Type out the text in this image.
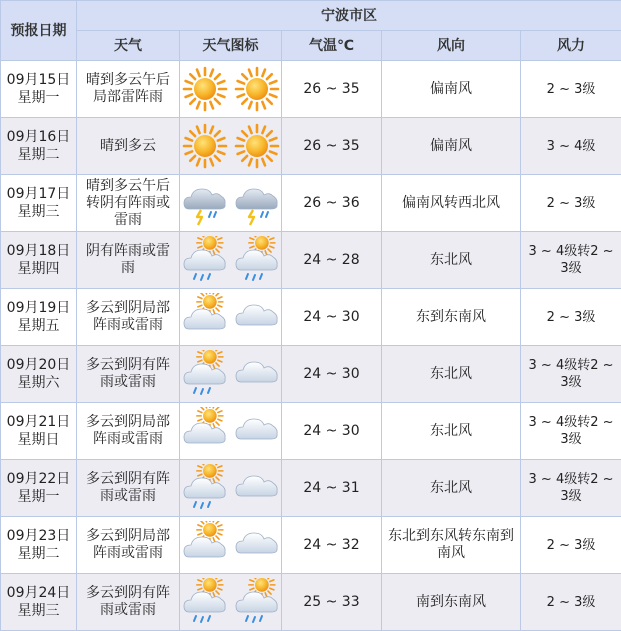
预报日期	宁波市区				
	天气	天气图标	气温℃	风向	风力
09月15日
星期一	晴到多云午后局部雷阵雨		26 ~ 35	偏南风	2 ~ 3级
09月16日
星期二	晴到多云		26 ~ 35	偏南风	3 ~ 4级
09月17日
星期三	晴到多云午后转阴有阵雨或雷雨		26 ~ 36	偏南风转西北风	2 ~ 3级
09月18日
星期四	阴有阵雨或雷雨		24 ~ 28	东北风	3 ~ 4级转2 ~ 3级
09月19日
星期五	多云到阴局部阵雨或雷雨		24 ~ 30	东到东南风	2 ~ 3级
09月20日
星期六	多云到阴有阵雨或雷雨		24 ~ 30	东北风	3 ~ 4级转2 ~ 3级
09月21日
星期日	多云到阴局部阵雨或雷雨		24 ~ 30	东北风	3 ~ 4级转2 ~ 3级
09月22日
星期一	多云到阴有阵雨或雷雨		24 ~ 31	东北风	3 ~ 4级转2 ~ 3级
09月23日
星期二	多云到阴局部阵雨或雷雨		24 ~ 32	东北到东风转东南到南风	2 ~ 3级
09月24日
星期三	多云到阴有阵雨或雷雨		25 ~ 33	南到东南风	2 ~ 3级
